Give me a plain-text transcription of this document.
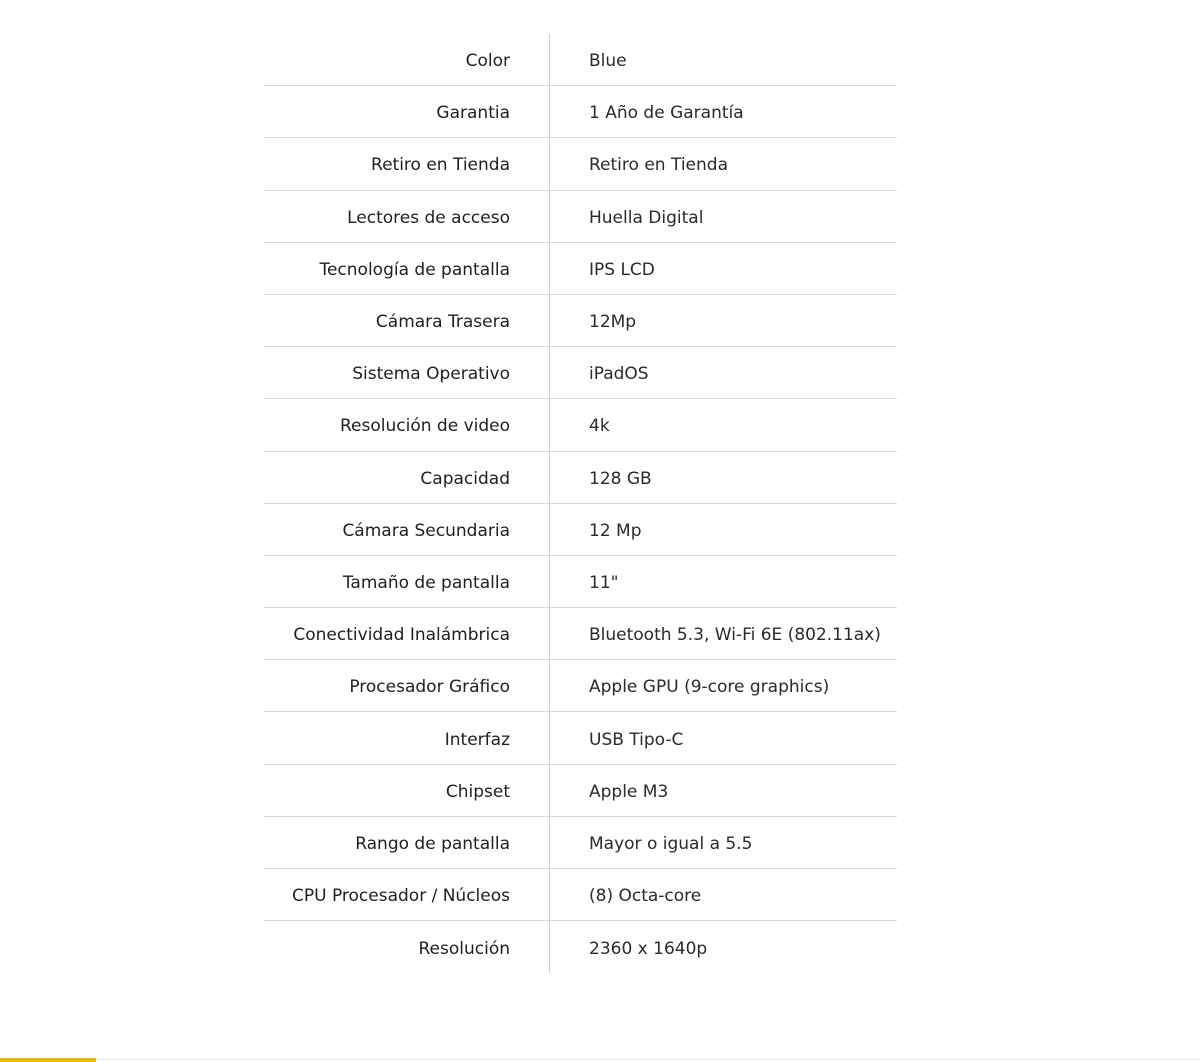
Color	Blue
Garantia	1 Año de Garantía
Retiro en Tienda	Retiro en Tienda
Lectores de acceso	Huella Digital
Tecnología de pantalla	IPS LCD
Cámara Trasera	12Mp
Sistema Operativo	iPadOS
Resolución de video	4k
Capacidad	128 GB
Cámara Secundaria	12 Mp
Tamaño de pantalla	11"
Conectividad Inalámbrica	Bluetooth 5.3, Wi-Fi 6E (802.11ax)
Procesador Gráfico	Apple GPU (9-core graphics)
Interfaz	USB Tipo-C
Chipset	Apple M3
Rango de pantalla	Mayor o igual a 5.5
CPU Procesador / Núcleos	(8) Octa-core
Resolución	2360 x 1640p
